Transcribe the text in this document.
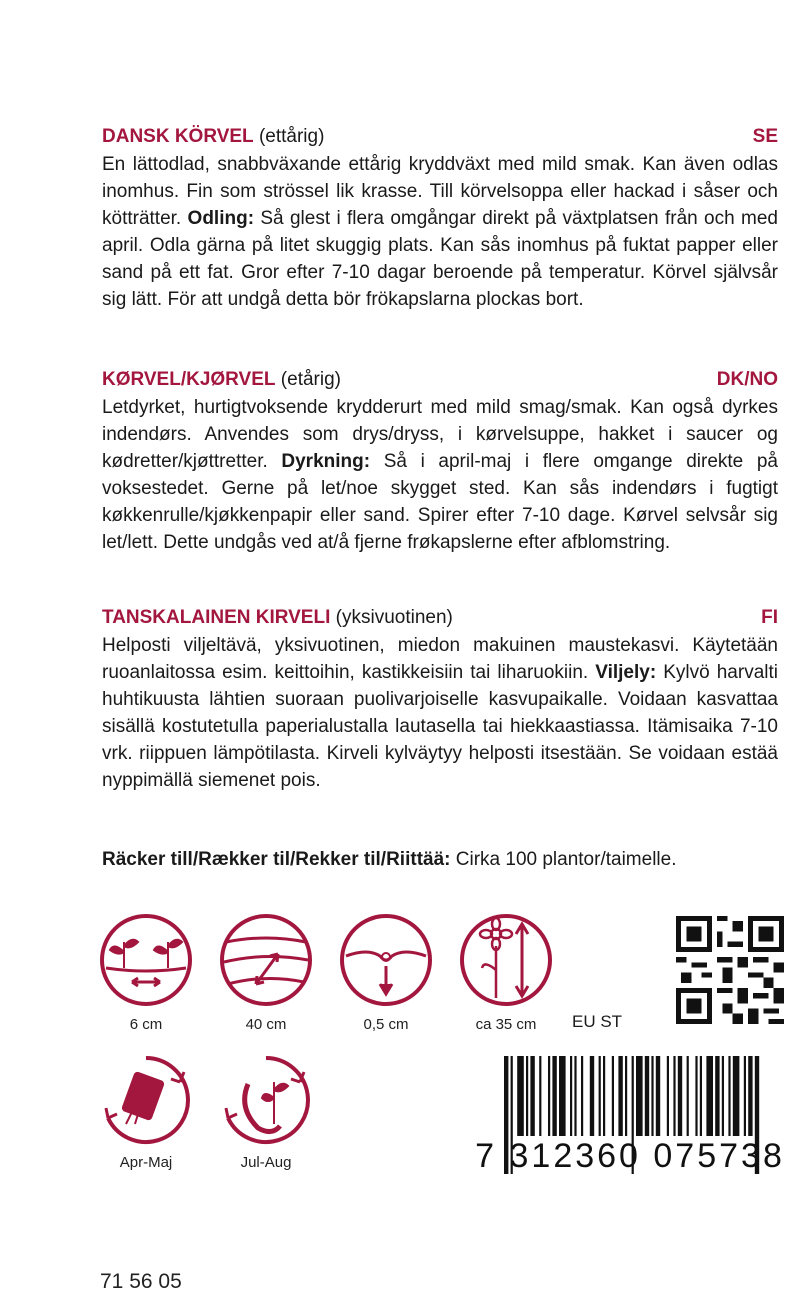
DANSK KÖRVEL (ettårig)	SE
En lättodlad, snabbväxande ettårig kryddväxt med mild smak. Kan även odlas inomhus. Fin som strössel lik krasse. Till körvelsoppa eller hackad i såser och kötträtter. Odling: Så glest i flera omgångar direkt på växtplatsen från och med april. Odla gärna på litet skuggig plats. Kan sås inomhus på fuktat papper eller sand på ett fat. Gror efter 7-10 dagar beroende på temperatur. Körvel självsår sig lätt. För att undgå detta bör frökapslarna plockas bort.
KØRVEL/KJØRVEL (etårig)	DK/NO
Letdyrket, hurtigtvoksende krydderurt med mild smag/smak. Kan også dyrkes indendørs. Anvendes som drys/dryss, i kørvelsuppe, hakket i saucer og kødretter/kjøttretter. Dyrkning: Så i april-maj i flere omgange direkte på voksestedet. Gerne på let/noe skygget sted. Kan sås indendørs i fugtigt køkkenrulle/kjøkkenpapir eller sand. Spirer efter 7-10 dage. Kørvel selvsår sig let/lett. Dette undgås ved at/å fjerne frøkapslerne efter afblomstring.
TANSKALAINEN KIRVELI (yksivuotinen)	FI
Helposti viljeltävä, yksivuotinen, miedon makuinen maustekasvi. Käytetään ruoanlaitossa esim. keittoihin, kastikkeisiin tai liharuokiin. Viljely: Kylvö harvalti huhtikuusta lähtien suoraan puolivarjoiselle kasvupaikalle. Voidaan kasvattaa sisällä kostutetulla paperialustalla lautasella tai hiekkaastiassa. Itämisaika 7-10 vrk. riippuen lämpötilasta. Kirveli kylväytyy helposti itsestään. Se voidaan estää nyppimällä siemenet pois.
Räcker till/Rækker til/Rekker til/Riittää: Cirka 100 plantor/taimelle.
6 cm	40 cm	0,5 cm	ca 35 cm	EU ST
Apr-Maj	Jul-Aug	7 312360 075738
71 56 05
